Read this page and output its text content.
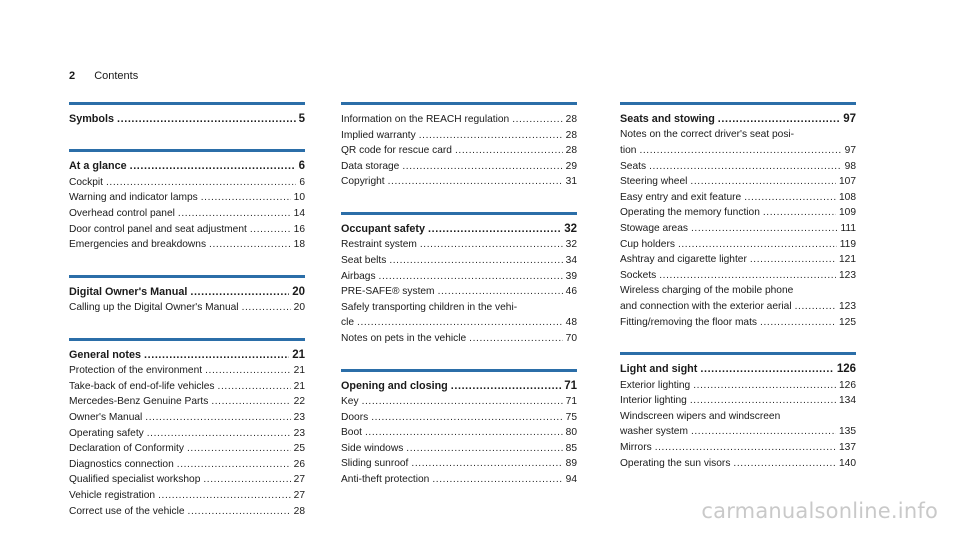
2 Contents
Symbols .....	5
At a glance .....	6
Cockpit .....	6
Warning and indicator lamps .....	10
Overhead control panel .....	14
Door control panel and seat adjustment .....	16
Emergencies and breakdowns .....	18
Digital Owner's Manual .....	20
Calling up the Digital Owner's Manual .....	20
General notes .....	21
Protection of the environment .....	21
Take-back of end-of-life vehicles .....	21
Mercedes-Benz Genuine Parts .....	22
Owner's Manual .....	23
Operating safety .....	23
Declaration of Conformity .....	25
Diagnostics connection .....	26
Qualified specialist workshop .....	27
Vehicle registration .....	27
Correct use of the vehicle .....	28
Information on the REACH regulation .....	28
Implied warranty .....	28
QR code for rescue card .....	28
Data storage .....	29
Copyright .....	31
Occupant safety .....	32
Restraint system .....	32
Seat belts .....	34
Airbags .....	39
PRE-SAFE® system .....	46
Safely transporting children in the vehi-
cle .....	48
Notes on pets in the vehicle .....	70
Opening and closing .....	71
Key .....	71
Doors .....	75
Boot .....	80
Side windows .....	85
Sliding sunroof .....	89
Anti-theft protection .....	94
Seats and stowing .....	97
Notes on the correct driver's seat posi-
tion .....	97
Seats .....	98
Steering wheel .....	107
Easy entry and exit feature .....	108
Operating the memory function .....	109
Stowage areas .....	111
Cup holders .....	119
Ashtray and cigarette lighter .....	121
Sockets .....	123
Wireless charging of the mobile phone
and connection with the exterior aerial .....	123
Fitting/removing the floor mats .....	125
Light and sight .....	126
Exterior lighting .....	126
Interior lighting .....	134
Windscreen wipers and windscreen
washer system .....	135
Mirrors .....	137
Operating the sun visors .....	140
carmanualsonline.info
